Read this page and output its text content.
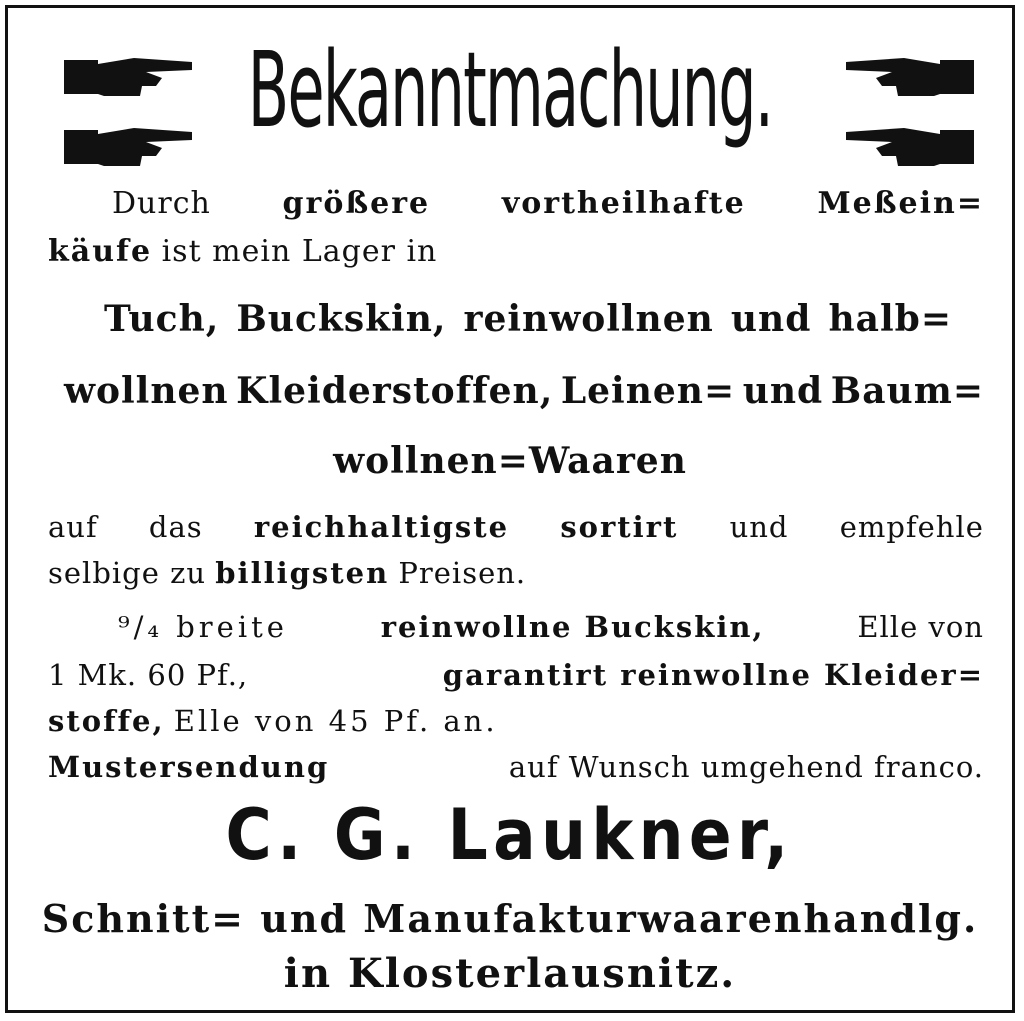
Bekanntmachung.
Durch größere vortheilhafte Meßein=
käufe ist mein Lager in
Tuch, Buckskin, reinwollnen und halb=
wollnen Kleiderstoffen, Leinen= und Baum=
wollnen=Waaren
auf das reichhaltigste sortirt und empfehle
selbige zu billigsten Preisen.
⁹/₄ breite	reinwollne Buckskin,	Elle von
1 Mk. 60 Pf.,	garantirt reinwollne Kleider=
stoffe, Elle von 45 Pf. an.
Mustersendung	auf Wunsch umgehend franco.
C. G. Laukner,
Schnitt= und Manufakturwaarenhandlg.
in Klosterlausnitz.
